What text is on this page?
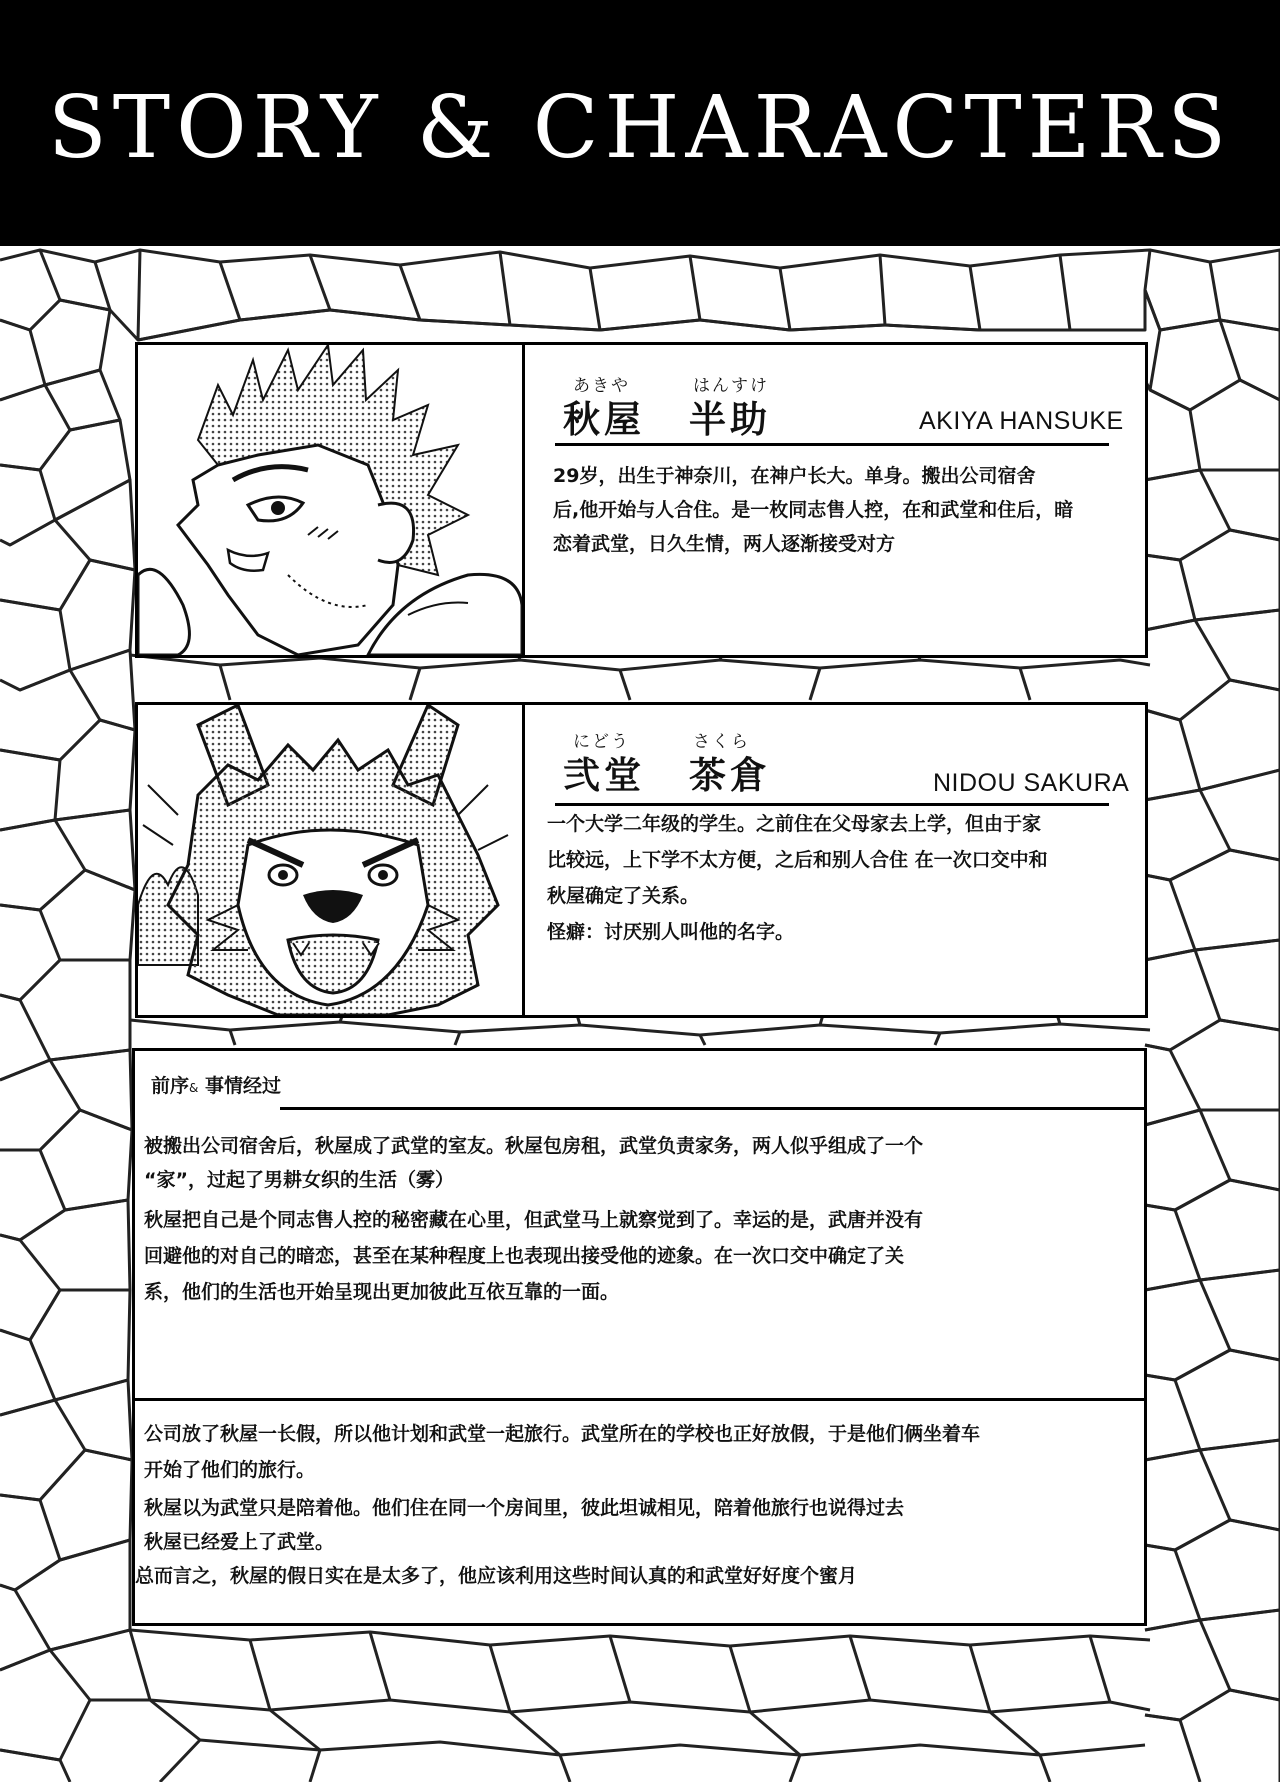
STORY & CHARACTERS
あきや	はんすけ
秋屋 半助	AKIYA HANSUKE
29岁，出生于神奈川，在神户长大。单身。搬出公司宿舍
后,他开始与人合住。是一枚同志售人控，在和武堂和住后，暗
恋着武堂，日久生情，两人逐渐接受对方
にどう	さくら
弐堂 茶倉	NIDOU SAKURA
一个大学二年级的学生。之前住在父母家去上学，但由于家
比较远，上下学不太方便，之后和别人合住 在一次口交中和
秋屋确定了关系。
怪癖：讨厌别人叫他的名字。
前序& 事情经过
被搬出公司宿舍后，秋屋成了武堂的室友。秋屋包房租，武堂负责家务，两人似乎组成了一个
“家”，过起了男耕女织的生活（雾）
秋屋把自己是个同志售人控的秘密藏在心里，但武堂马上就察觉到了。幸运的是，武唐并没有
回避他的对自己的暗恋，甚至在某种程度上也表现出接受他的迹象。在一次口交中确定了关
系，他们的生活也开始呈现出更加彼此互依互靠的一面。
公司放了秋屋一长假，所以他计划和武堂一起旅行。武堂所在的学校也正好放假，于是他们俩坐着车
开始了他们的旅行。
秋屋以为武堂只是陪着他。他们住在同一个房间里，彼此坦诚相见，陪着他旅行也说得过去
秋屋已经爱上了武堂。
总而言之，秋屋的假日实在是太多了，他应该利用这些时间认真的和武堂好好度个蜜月
